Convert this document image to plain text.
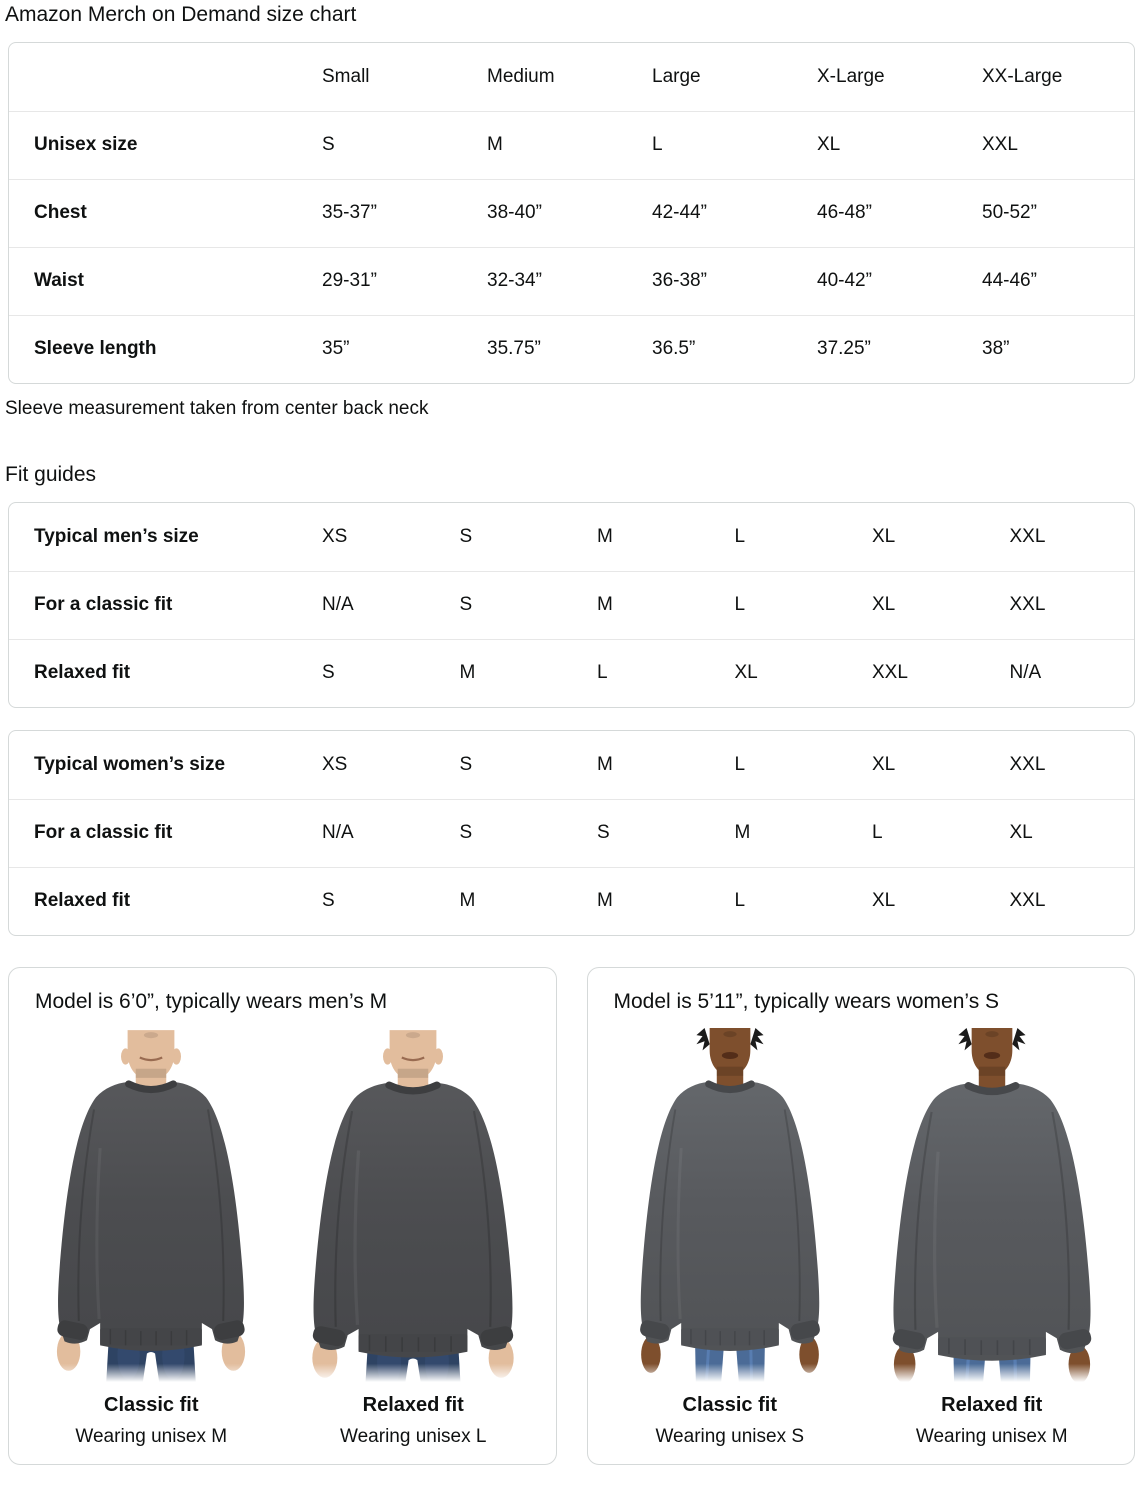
Amazon Merch on Demand size chart
	Small	Medium	Large	X-Large	XX-Large
Unisex size	S	M	L	XL	XXL
Chest	35-37”	38-40”	42-44”	46-48”	50-52”
Waist	29-31”	32-34”	36-38”	40-42”	44-46”
Sleeve length	35”	35.75”	36.5”	37.25”	38”

Sleeve measurement taken from center back neck

Fit guides
Typical men’s size	XS	S	M	L	XL	XXL
For a classic fit	N/A	S	M	L	XL	XXL
Relaxed fit	S	M	L	XL	XXL	N/A
Typical women’s size	XS	S	M	L	XL	XXL
For a classic fit	N/A	S	S	M	L	XL
Relaxed fit	S	M	M	L	XL	XXL
Model is 6’0”, typically wears men’s M
Classic fit
Wearing unisex M
Relaxed fit
Wearing unisex L
Model is 5’11”, typically wears women’s S
Classic fit
Wearing unisex S
Relaxed fit
Wearing unisex M
